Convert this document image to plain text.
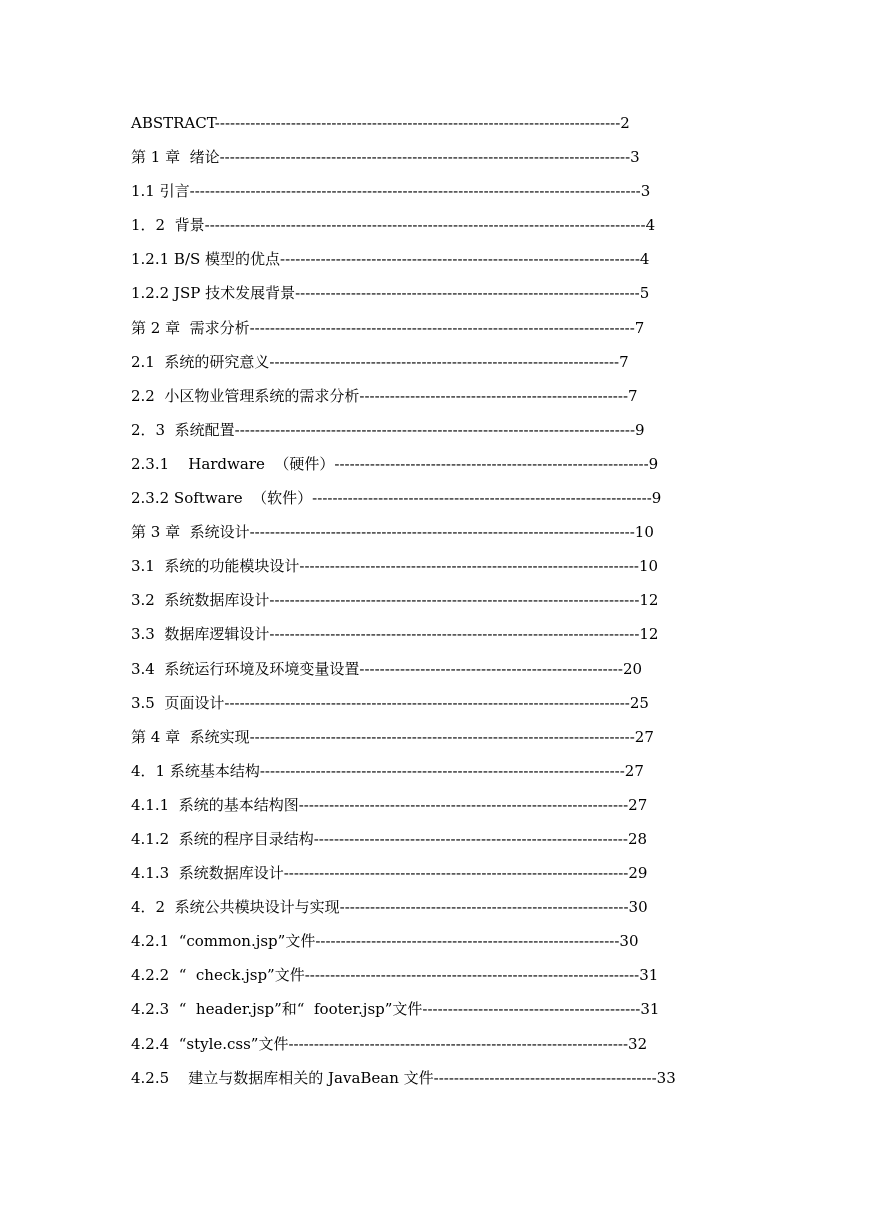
ABSTRACT--------------------------------------------------------------------------------2
第 1 章  绪论---------------------------------------------------------------------------------3
1.1 引言-----------------------------------------------------------------------------------------3
1．2  背景---------------------------------------------------------------------------------------4
1.2.1 B/S 模型的优点-----------------------------------------------------------------------4
1.2.2 JSP 技术发展背景--------------------------------------------------------------------5
第 2 章  需求分析----------------------------------------------------------------------------7
2.1  系统的研究意义---------------------------------------------------------------------7
2.2  小区物业管理系统的需求分析-----------------------------------------------------7
2．3  系统配置-------------------------------------------------------------------------------9
2.3.1    Hardware  （硬件）--------------------------------------------------------------9
2.3.2 Software  （软件）-------------------------------------------------------------------9
第 3 章  系统设计----------------------------------------------------------------------------10
3.1  系统的功能模块设计-------------------------------------------------------------------10
3.2  系统数据库设计-------------------------------------------------------------------------12
3.3  数据库逻辑设计-------------------------------------------------------------------------12
3.4  系统运行环境及环境变量设置----------------------------------------------------20
3.5  页面设计--------------------------------------------------------------------------------25
第 4 章  系统实现----------------------------------------------------------------------------27
4．1 系统基本结构------------------------------------------------------------------------27
4.1.1  系统的基本结构图-----------------------------------------------------------------27
4.1.2  系统的程序目录结构--------------------------------------------------------------28
4.1.3  系统数据库设计--------------------------------------------------------------------29
4．2  系统公共模块设计与实现---------------------------------------------------------30
4.2.1  “common.jsp”文件------------------------------------------------------------30
4.2.2  “  check.jsp”文件------------------------------------------------------------------31
4.2.3  “  header.jsp”和“  footer.jsp”文件-------------------------------------------31
4.2.4  “style.css”文件-------------------------------------------------------------------32
4.2.5    建立与数据库相关的 JavaBean 文件--------------------------------------------33
